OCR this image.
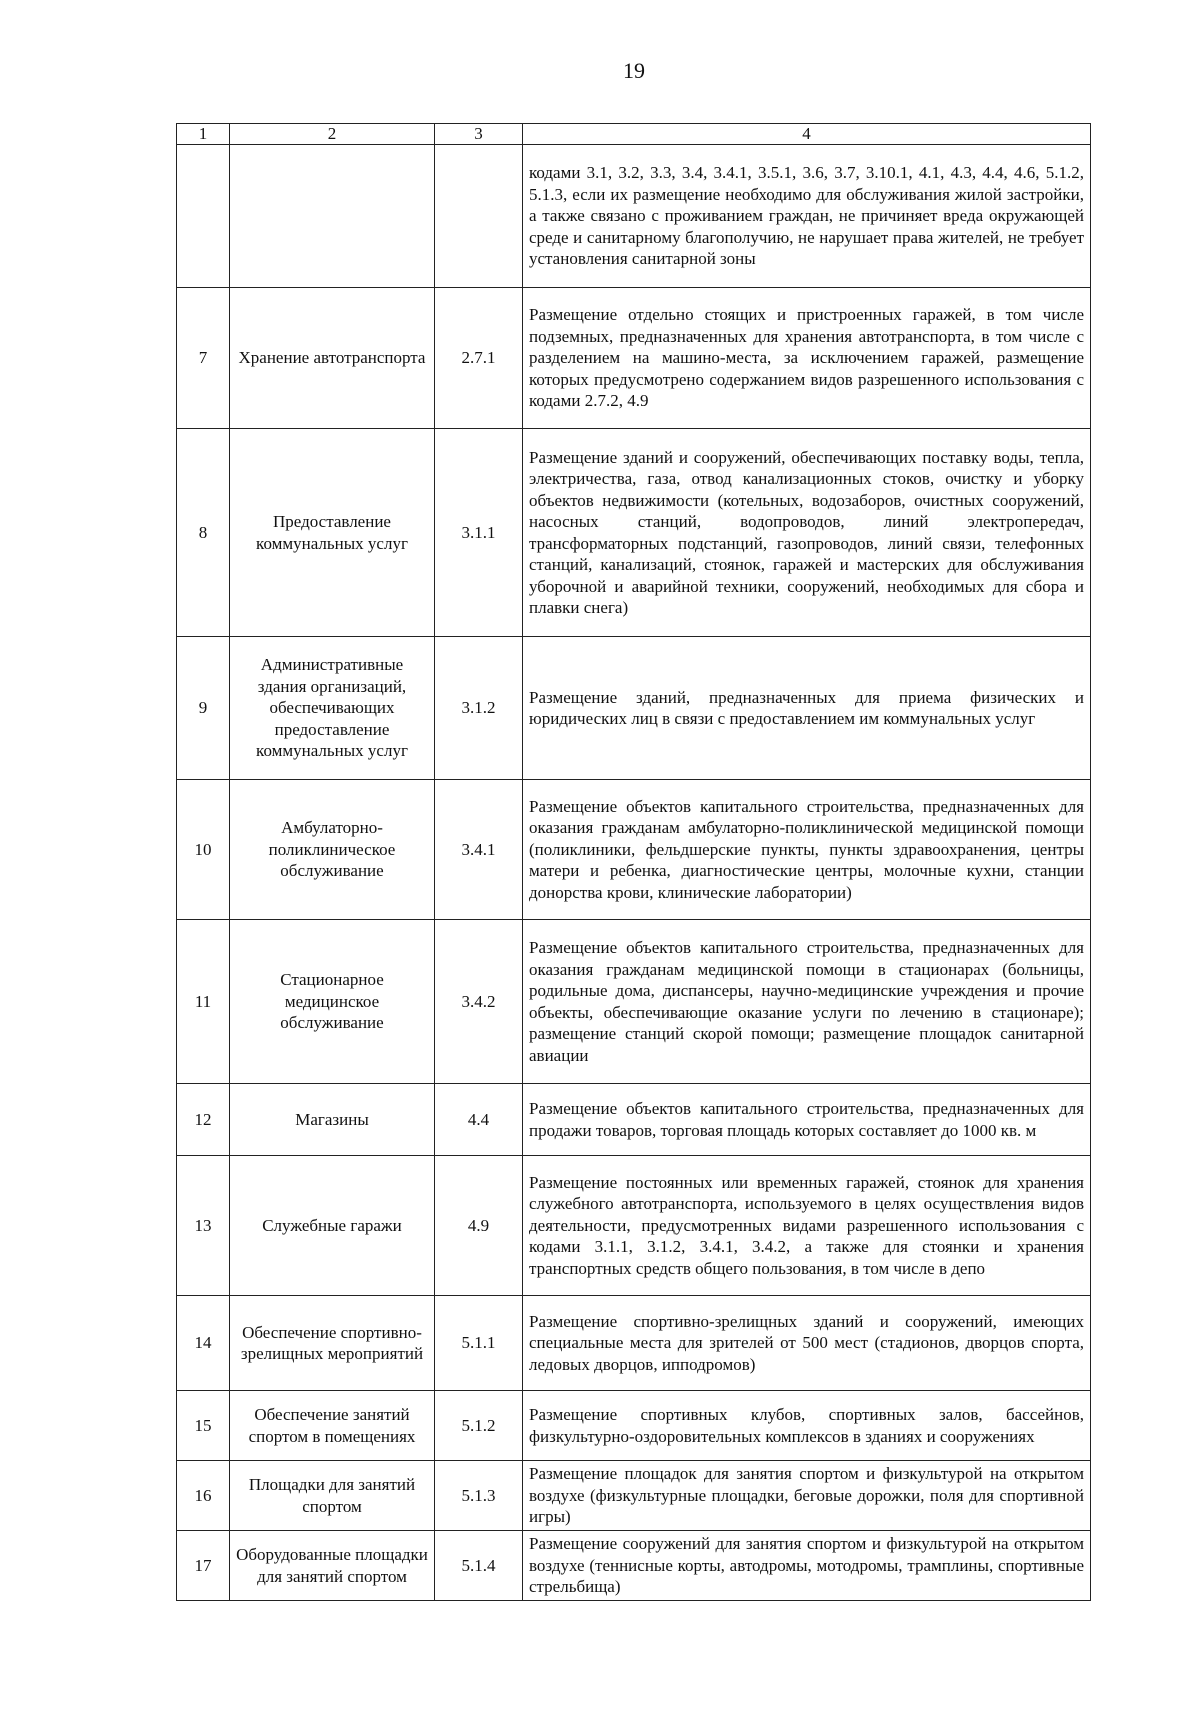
19
1	2	3	4
			кодами 3.1, 3.2, 3.3, 3.4, 3.4.1, 3.5.1, 3.6, 3.7, 3.10.1, 4.1, 4.3, 4.4, 4.6, 5.1.2, 5.1.3, если их размещение необходимо для обслуживания жилой застройки, а также связано с проживанием граждан, не причиняет вреда окружающей среде и санитарному благополучию, не нарушает права жителей, не требует установления санитарной зоны
7	Хранение автотранспорта	2.7.1	Размещение отдельно стоящих и пристроенных гаражей, в том числе подземных, предназначенных для хранения автотранспорта, в том числе с разделением на машино-места, за исключением гаражей, размещение которых предусмотрено содержанием видов разрешенного использования с кодами 2.7.2, 4.9
8	Предоставление коммунальных услуг	3.1.1	Размещение зданий и сооружений, обеспечивающих поставку воды, тепла, электричества, газа, отвод канализационных стоков, очистку и уборку объектов недвижимости (котельных, водозаборов, очистных сооружений, насосных станций, водопроводов, линий электропередач, трансформаторных подстанций, газопроводов, линий связи, телефонных станций, канализаций, стоянок, гаражей и мастерских для обслуживания уборочной и аварийной техники, сооружений, необходимых для сбора и плавки снега)
9	Административные здания организаций, обеспечивающих предоставление коммунальных услуг	3.1.2	Размещение зданий, предназначенных для приема физических и юридических лиц в связи с предоставлением им коммунальных услуг
10	Амбулаторно-поликлиническое обслуживание	3.4.1	Размещение объектов капитального строительства, предназначенных для оказания гражданам амбулаторно-поликлинической медицинской помощи (поликлиники, фельдшерские пункты, пункты здравоохранения, центры матери и ребенка, диагностические центры, молочные кухни, станции донорства крови, клинические лаборатории)
11	Стационарное медицинское обслуживание	3.4.2	Размещение объектов капитального строительства, предназначенных для оказания гражданам медицинской помощи в стационарах (больницы, родильные дома, диспансеры, научно-медицинские учреждения и прочие объекты, обеспечивающие оказание услуги по лечению в стационаре); размещение станций скорой помощи; размещение площадок санитарной авиации
12	Магазины	4.4	Размещение объектов капитального строительства, предназначенных для продажи товаров, торговая площадь которых составляет до 1000 кв. м
13	Служебные гаражи	4.9	Размещение постоянных или временных гаражей, стоянок для хранения служебного автотранспорта, используемого в целях осуществления видов деятельности, предусмотренных видами разрешенного использования с кодами 3.1.1, 3.1.2, 3.4.1, 3.4.2, а также для стоянки и хранения транспортных средств общего пользования, в том числе в депо
14	Обеспечение спортивно-зрелищных мероприятий	5.1.1	Размещение спортивно-зрелищных зданий и сооружений, имеющих специальные места для зрителей от 500 мест (стадионов, дворцов спорта, ледовых дворцов, ипподромов)
15	Обеспечение занятий спортом в помещениях	5.1.2	Размещение спортивных клубов, спортивных залов, бассейнов, физкультурно-оздоровительных комплексов в зданиях и сооружениях
16	Площадки для занятий спортом	5.1.3	Размещение площадок для занятия спортом и физкультурой на открытом воздухе (физкультурные площадки, беговые дорожки, поля для спортивной игры)
17	Оборудованные площадки для занятий спортом	5.1.4	Размещение сооружений для занятия спортом и физкультурой на открытом воздухе (теннисные корты, автодромы, мотодромы, трамплины, спортивные стрельбища)
